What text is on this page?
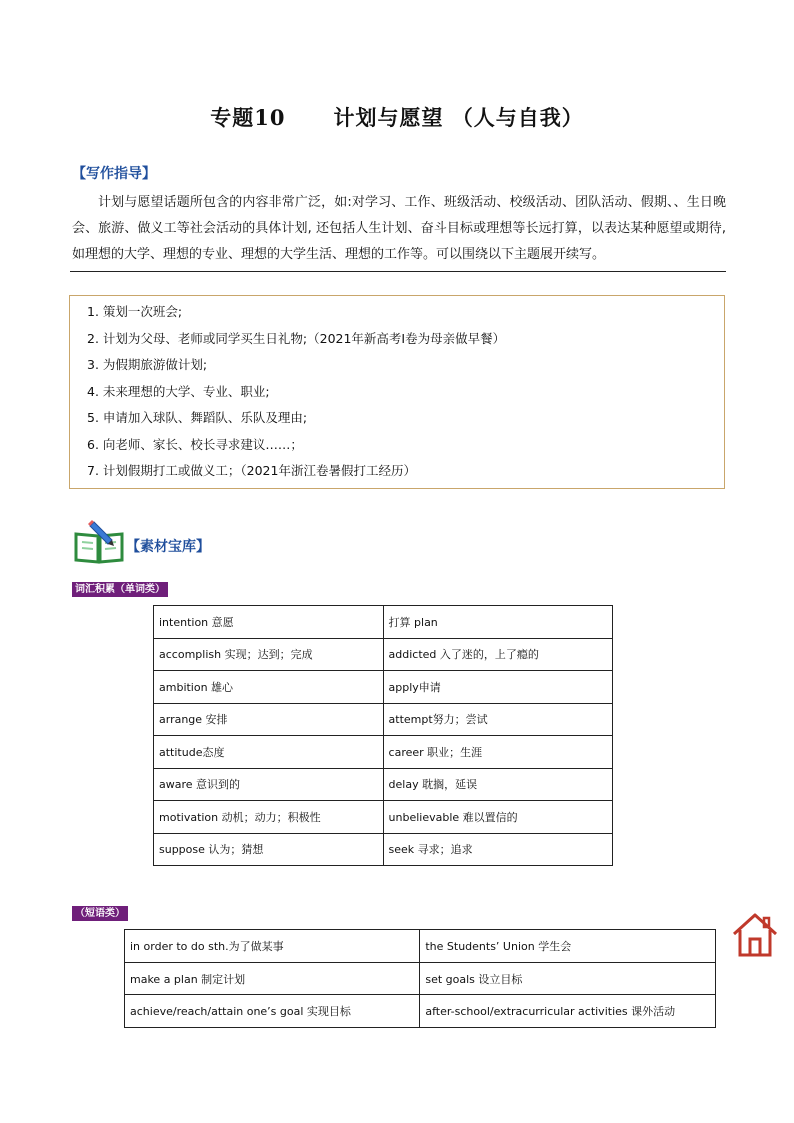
专题10 计划与愿望 （人与自我）
【写作指导】
计划与愿望话题所包含的内容非常广泛，如:对学习、工作、班级活动、校级活动、团队活动、假期、、生日晚会、旅游、做义工等社会活动的具体计划, 还包括人生计划、奋斗目标或理想等长远打算，以表达某种愿望或期待, 如理想的大学、理想的专业、理想的大学生活、理想的工作等。可以围绕以下主题展开续写。
1. 策划一次班会;
2. 计划为父母、老师或同学买生日礼物;（2021年新高考I卷为母亲做早餐）
3. 为假期旅游做计划;
4. 未来理想的大学、专业、职业;
5. 申请加入球队、舞蹈队、乐队及理由;
6. 向老师、家长、校长寻求建议……；
7. 计划假期打工或做义工；（2021年浙江卷暑假打工经历）
【素材宝库】
词汇积累（单词类）
intention 意愿	打算 plan
accomplish 实现；达到；完成	addicted 入了迷的，上了瘾的
ambition 雄心	apply申请
arrange 安排	attempt努力；尝试
attitude态度	career 职业；生涯
aware 意识到的	delay 耽搁，延误
motivation 动机；动力；积极性	unbelievable 难以置信的
suppose 认为；猜想	seek 寻求；追求
（短语类）
in order to do sth.为了做某事	the Students’ Union 学生会
make a plan 制定计划	set goals 设立目标
achieve/reach/attain one’s goal 实现目标	after-school/extracurricular activities 课外活动
